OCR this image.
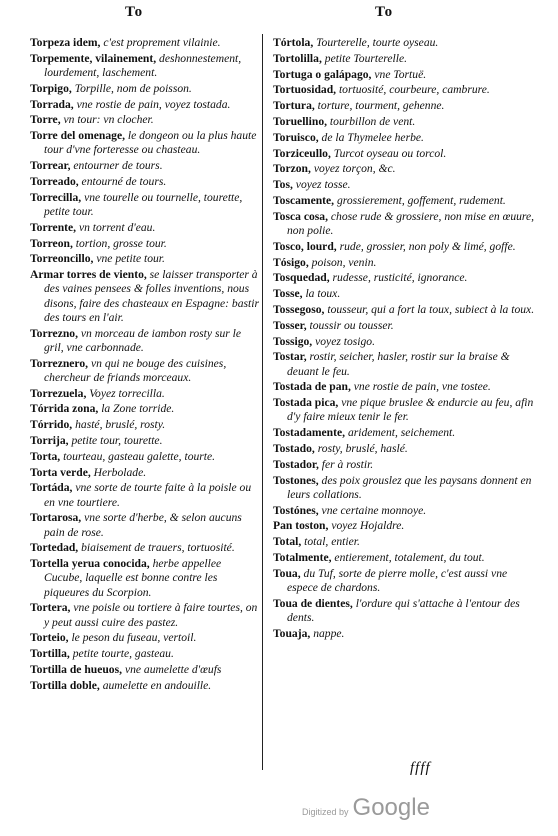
To	To
Torpeza idem, c'est proprement vilainie.
Torpemente, vilainement, deshonnestement, lourdement, laschement.
Torpigo, Torpille, nom de poisson.
Torrada, vne rostie de pain, voyez tostada.
Torre, vn tour: vn clocher.
Torre del omenage, le dongeon ou la plus haute tour d'vne forteresse ou chasteau.
Torrear, entourner de tours.
Torreado, entourné de tours.
Torrecilla, vne tourelle ou tournelle, tourette, petite tour.
Torrente, vn torrent d'eau.
Torreon, tortion, grosse tour.
Torreoncillo, vne petite tour.
Armar torres de viento, se laisser transporter à des vaines pensees & folles inventions, nous disons, faire des chasteaux en Espagne: bastir des tours en l'air.
Torrezno, vn morceau de iambon rosty sur le gril, vne carbonnade.
Torreznero, vn qui ne bouge des cuisines, chercheur de friands morceaux.
Torrezuela, Voyez torrecilla.
Tórrida zona, la Zone torride.
Tórrido, hasté, bruslé, rosty.
Torrija, petite tour, tourette.
Torta, tourteau, gasteau galette, tourte.
Torta verde, Herbolade.
Tortáda, vne sorte de tourte faite à la poisle ou en vne tourtiere.
Tortarosa, vne sorte d'herbe, & selon aucuns pain de rose.
Tortedad, biaisement de trauers, tortuosité.
Tortella yerua conocida, herbe appellee Cucube, laquelle est bonne contre les piqueures du Scorpion.
Tortera, vne poisle ou tortiere à faire tourtes, on y peut aussi cuire des pastez.
Torteio, le peson du fuseau, vertoil.
Tortilla, petite tourte, gasteau.
Tortilla de hueuos, vne aumelette d'œufs
Tortilla doble, aumelette en andouille.
Tórtola, Tourterelle, tourte oyseau.
Tortolilla, petite Tourterelle.
Tortuga o galápago, vne Tortuë.
Tortuosidad, tortuosité, courbeure, cambrure.
Tortura, torture, tourment, gehenne.
Toruellino, tourbillon de vent.
Toruisco, de la Thymelee herbe.
Torziceullo, Turcot oyseau ou torcol.
Torzon, voyez torçon, &c.
Tos, voyez tosse.
Toscamente, grossierement, goffement, rudement.
Tosca cosa, chose rude & grossiere, non mise en œuure, non polie.
Tosco, lourd, rude, grossier, non poly & limé, goffe.
Tósigo, poison, venin.
Tosquedad, rudesse, rusticité, ignorance.
Tosse, la toux.
Tossegoso, tousseur, qui a fort la toux, subiect à la toux.
Tosser, toussir ou tousser.
Tossigo, voyez tosigo.
Tostar, rostir, seicher, hasler, rostir sur la braise & deuant le feu.
Tostada de pan, vne rostie de pain, vne tostee.
Tostada pica, vne pique bruslee & endurcie au feu, afin d'y faire mieux tenir le fer.
Tostadamente, aridement, seichement.
Tostado, rosty, bruslé, haslé.
Tostador, fer à rostir.
Tostones, des poix grouslez que les paysans donnent en leurs collations.
Tostónes, vne certaine monnoye.
Pan toston, voyez Hojaldre.
Total, total, entier.
Totalmente, entierement, totalement, du tout.
Toua, du Tuf, sorte de pierre molle, c'est aussi vne espece de chardons.
Toua de dientes, l'ordure qui s'attache à l'entour des dents.
Touaja, nappe.
ffff
Digitized by Google
